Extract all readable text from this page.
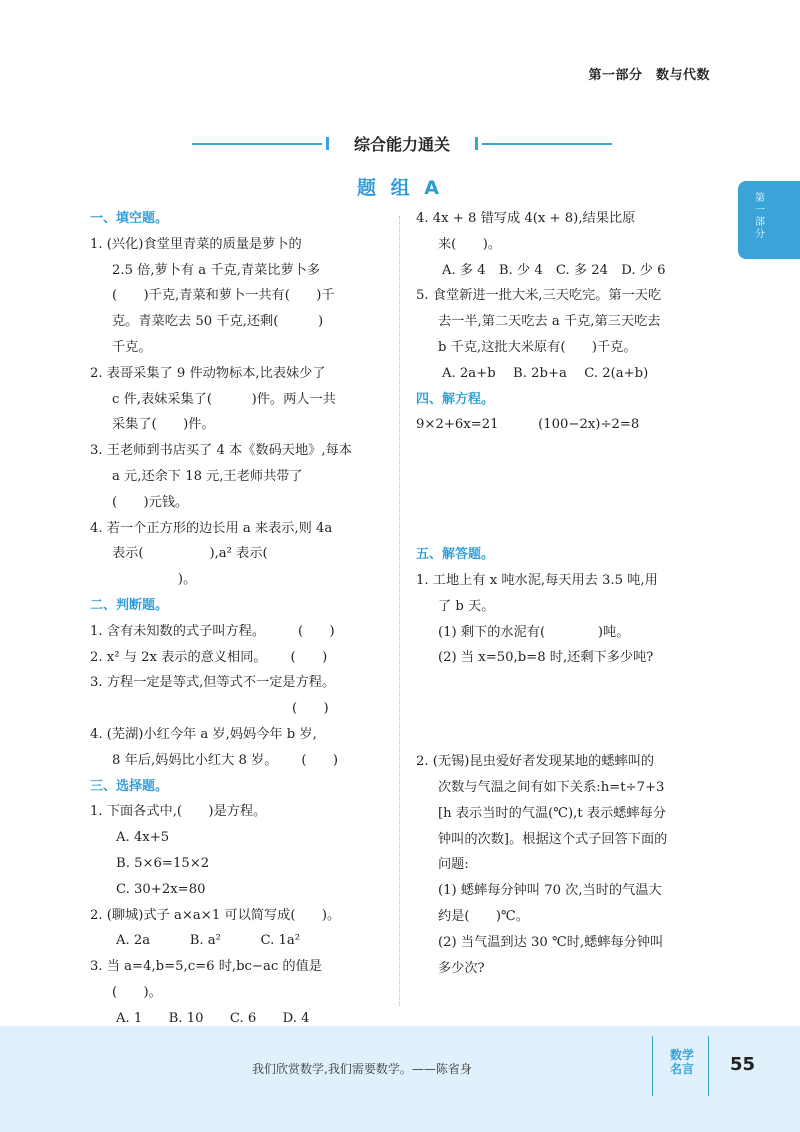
第一部分　数与代数
综合能力通关
题 组 A	第
一
部
分

一、填空题。

1. (兴化)食堂里青菜的质量是萝卜的

2.5 倍,萝卜有 a 千克,青菜比萝卜多

(　　)千克,青菜和萝卜一共有(　　)千

克。青菜吃去 50 千克,还剩(　　　)

千克。

2. 表哥采集了 9 件动物标本,比表妹少了

c 件,表妹采集了(　　　)件。两人一共

采集了(　　)件。

3. 王老师到书店买了 4 本《数码天地》,每本

a 元,还余下 18 元,王老师共带了

(　　)元钱。

4. 若一个正方形的边长用 a 来表示,则 4a

表示(　　　　　),a² 表示(

　　　　　)。

二、判断题。

1. 含有未知数的式子叫方程。　　　(　　)

2. x² 与 2x 表示的意义相同。　　 (　　)

3. 方程一定是等式,但等式不一定是方程。

　　　　　　　　　　　　　　　 (　　)

4. (芜湖)小红今年 a 岁,妈妈今年 b 岁,

8 年后,妈妈比小红大 8 岁。　　 (　　)

三、选择题。

1. 下面各式中,(　　)是方程。

A. 4x+5

B. 5×6=15×2

C. 30+2x=80

2. (聊城)式子 a×a×1 可以简写成(　　)。

A. 2a　　　B. a²　　　C. 1a²

3. 当 a=4,b=5,c=6 时,bc−ac 的值是

(　　)。

A. 1　　B. 10　　C. 6　　D. 4

4. 4x + 8 错写成 4(x + 8),结果比原

来(　　)。

A. 多 4　B. 少 4　C. 多 24　D. 少 6

5. 食堂新进一批大米,三天吃完。第一天吃

去一半,第二天吃去 a 千克,第三天吃去

b 千克,这批大米原有(　　)千克。

A. 2a+b　 B. 2b+a　 C. 2(a+b)

四、解方程。

9×2+6x=21　　　(100−2x)÷2=8

五、解答题。

1. 工地上有 x 吨水泥,每天用去 3.5 吨,用

了 b 天。

(1) 剩下的水泥有(　　　　)吨。

(2) 当 x=50,b=8 时,还剩下多少吨?

2. (无锡)昆虫爱好者发现某地的蟋蟀叫的

次数与气温之间有如下关系:h=t÷7+3

[h 表示当时的气温(℃),t 表示蟋蟀每分

钟叫的次数]。根据这个式子回答下面的

问题:

(1) 蟋蟀每分钟叫 70 次,当时的气温大

约是(　　)℃。

(2) 当气温到达 30 ℃时,蟋蟀每分钟叫

多少次?

我们欣赏数学,我们需要数学。——陈省身
数学名言 55
